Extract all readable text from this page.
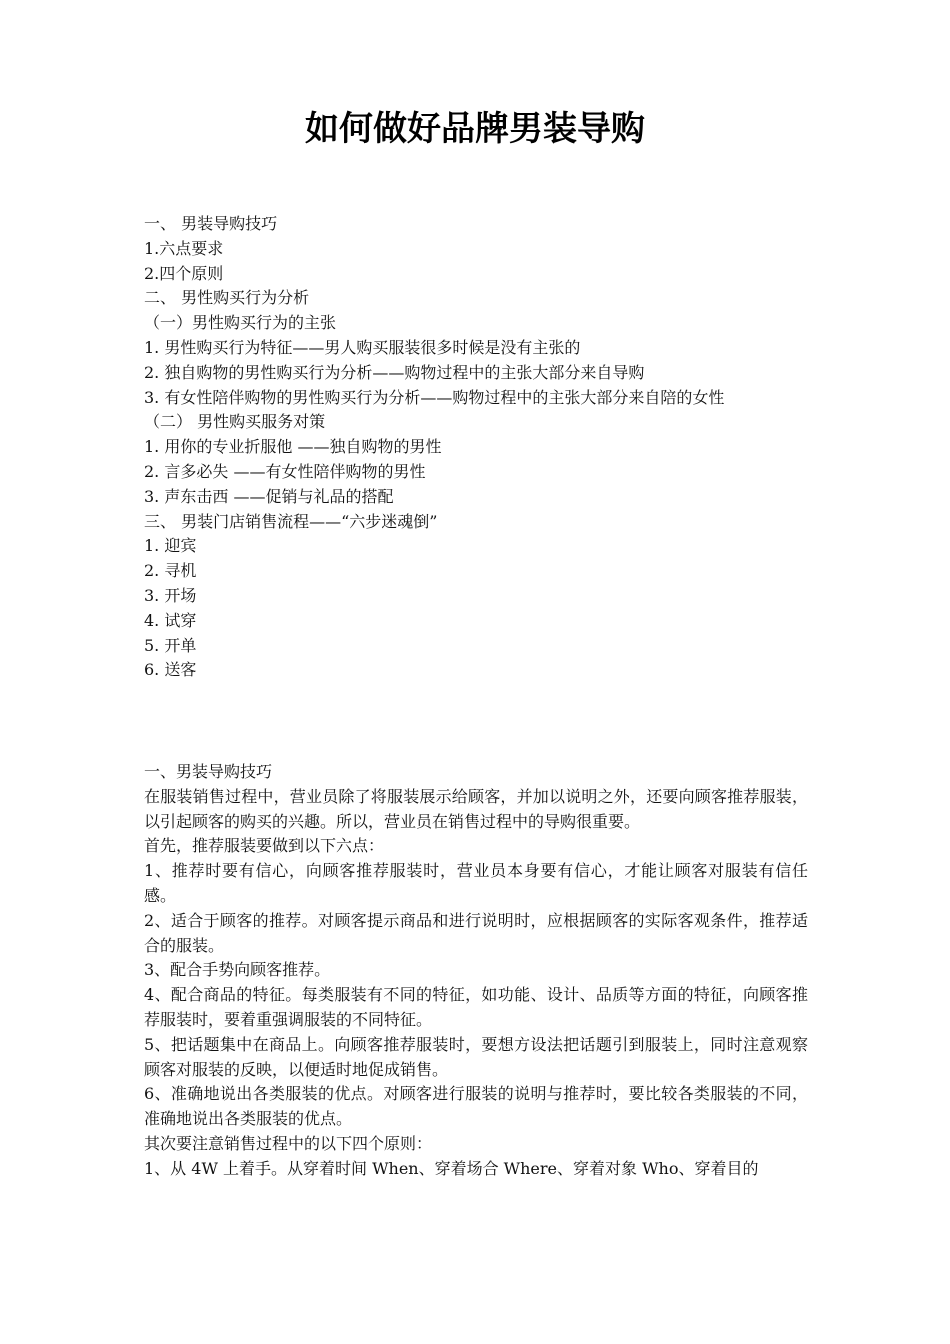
如何做好品牌男装导购
一、 男装导购技巧
1.六点要求
2.四个原则
二、 男性购买行为分析
（一）男性购买行为的主张
1. 男性购买行为特征——男人购买服装很多时候是没有主张的
2. 独自购物的男性购买行为分析——购物过程中的主张大部分来自导购
3. 有女性陪伴购物的男性购买行为分析——购物过程中的主张大部分来自陪的女性
（二） 男性购买服务对策
1. 用你的专业折服他 ——独自购物的男性
2. 言多必失 ——有女性陪伴购物的男性
3. 声东击西 ——促销与礼品的搭配
三、 男装门店销售流程——“六步迷魂倒”
1. 迎宾
2. 寻机
3. 开场
4. 试穿
5. 开单
6. 送客
一、男装导购技巧
在服装销售过程中，营业员除了将服装展示给顾客，并加以说明之外，还要向顾客推荐服装，以引起顾客的购买的兴趣。所以，营业员在销售过程中的导购很重要。
首先，推荐服装要做到以下六点：
1、推荐时要有信心，向顾客推荐服装时，营业员本身要有信心，才能让顾客对服装有信任感。
2、适合于顾客的推荐。对顾客提示商品和进行说明时，应根据顾客的实际客观条件，推荐适合的服装。
3、配合手势向顾客推荐。
4、配合商品的特征。每类服装有不同的特征，如功能、设计、品质等方面的特征，向顾客推荐服装时，要着重强调服装的不同特征。
5、把话题集中在商品上。向顾客推荐服装时，要想方设法把话题引到服装上，同时注意观察顾客对服装的反映，以便适时地促成销售。
6、准确地说出各类服装的优点。对顾客进行服装的说明与推荐时，要比较各类服装的不同，准确地说出各类服装的优点。
其次要注意销售过程中的以下四个原则：
1、从 4W 上着手。从穿着时间 When、穿着场合 Where、穿着对象 Who、穿着目的
